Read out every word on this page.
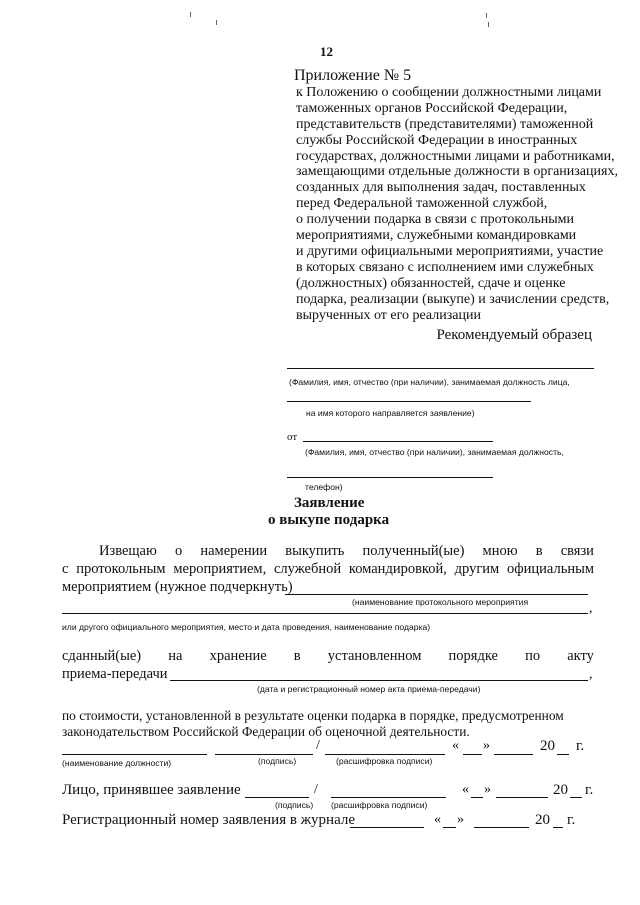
12
Приложение № 5
к Положению о сообщении должностными лицами
таможенных органов Российской Федерации,
представительств (представителями) таможенной
службы Российской Федерации в иностранных
государствах, должностными лицами и работниками,
замещающими отдельные должности в организациях,
созданных для выполнения задач, поставленных
перед Федеральной таможенной службой,
о получении подарка в связи с протокольными
мероприятиями, служебными командировками
и другими официальными мероприятиями, участие
в которых связано с исполнением ими служебных
(должностных) обязанностей, сдаче и оценке
подарка, реализации (выкупе) и зачислении средств,
вырученных от его реализации
Рекомендуемый образец
(Фамилия, имя, отчество (при наличии), занимаемая должность лица,
на имя которого направляется заявление)
от
(Фамилия, имя, отчество (при наличии), занимаемая должность,
телефон)
Заявление
о выкупе подарка
Извещаю о намерении выкупить полученный(ые) мною в связи
с протокольным мероприятием, служебной командировкой, другим официальным
мероприятием (нужное подчеркнуть)
(наименование протокольного мероприятия	,
или другого официального мероприятия, место и дата проведения, наименование подарка)
сданный(ые) на хранение в установленном порядке по акту
приема-передачи	,
(дата и регистрационный номер акта приема-передачи)
по стоимости, установленной в результате оценки подарка в порядке, предусмотренном
законодательством Российской Федерации об оценочной деятельности.
/	« »	20 г.
(наименование должности)	(подпись)	(расшифровка подписи)
Лицо, принявшее заявление	/	« »	20 г.
(подпись) (расшифровка подписи)
Регистрационный номер заявления в журнале	« »	20 г.
